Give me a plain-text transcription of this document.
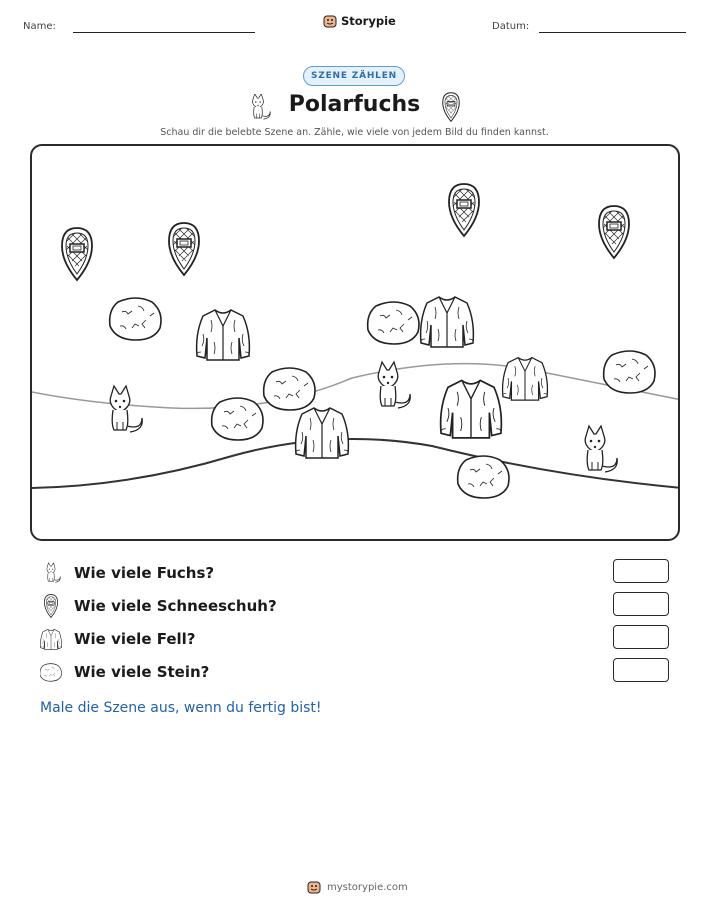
Name:	Storypie	Datum:
SZENE ZÄHLEN
Polarfuchs
Schau dir die belebte Szene an. Zähle, wie viele von jedem Bild du finden kannst.
Wie viele Fuchs?
Wie viele Schneeschuh?
Wie viele Fell?
Wie viele Stein?
Male die Szene aus, wenn du fertig bist!
mystorypie.com
